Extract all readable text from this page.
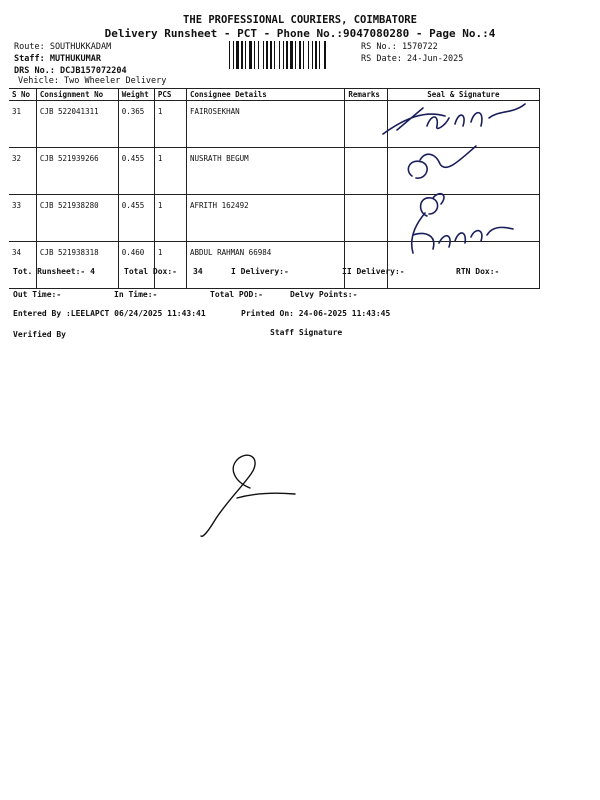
THE PROFESSIONAL COURIERS, COIMBATORE
Delivery Runsheet - PCT - Phone No.:9047080280 - Page No.:4
Route: SOUTHUKKADAM
Staff: MUTHUKUMAR
DRS No.: DCJB157072204
Vehicle: Two Wheeler Delivery
RS No.: 1570722
RS Date: 24-Jun-2025
S No	Consignment No	Weight	PCS	Consignee Details	Remarks	Seal & Signature
31	CJB 522041311	0.365	1	FAIROSEKHAN		
32	CJB 521939266	0.455	1	NUSRATH BEGUM		
33	CJB 521938280	0.455	1	AFRITH 162492		
34	CJB 521938318	0.460	1	ABDUL RAHMAN 66984		
Tot. Runsheet:- 4	Total Dox:- 34	I Delivery:-	II Delivery:-	RTN Dox:-
Out Time:-	In Time:-	Total POD:-	Delvy Points:-
Entered By :LEELAPCT 06/24/2025 11:43:41	Printed On: 24-06-2025 11:43:45
Verified By	Staff Signature
